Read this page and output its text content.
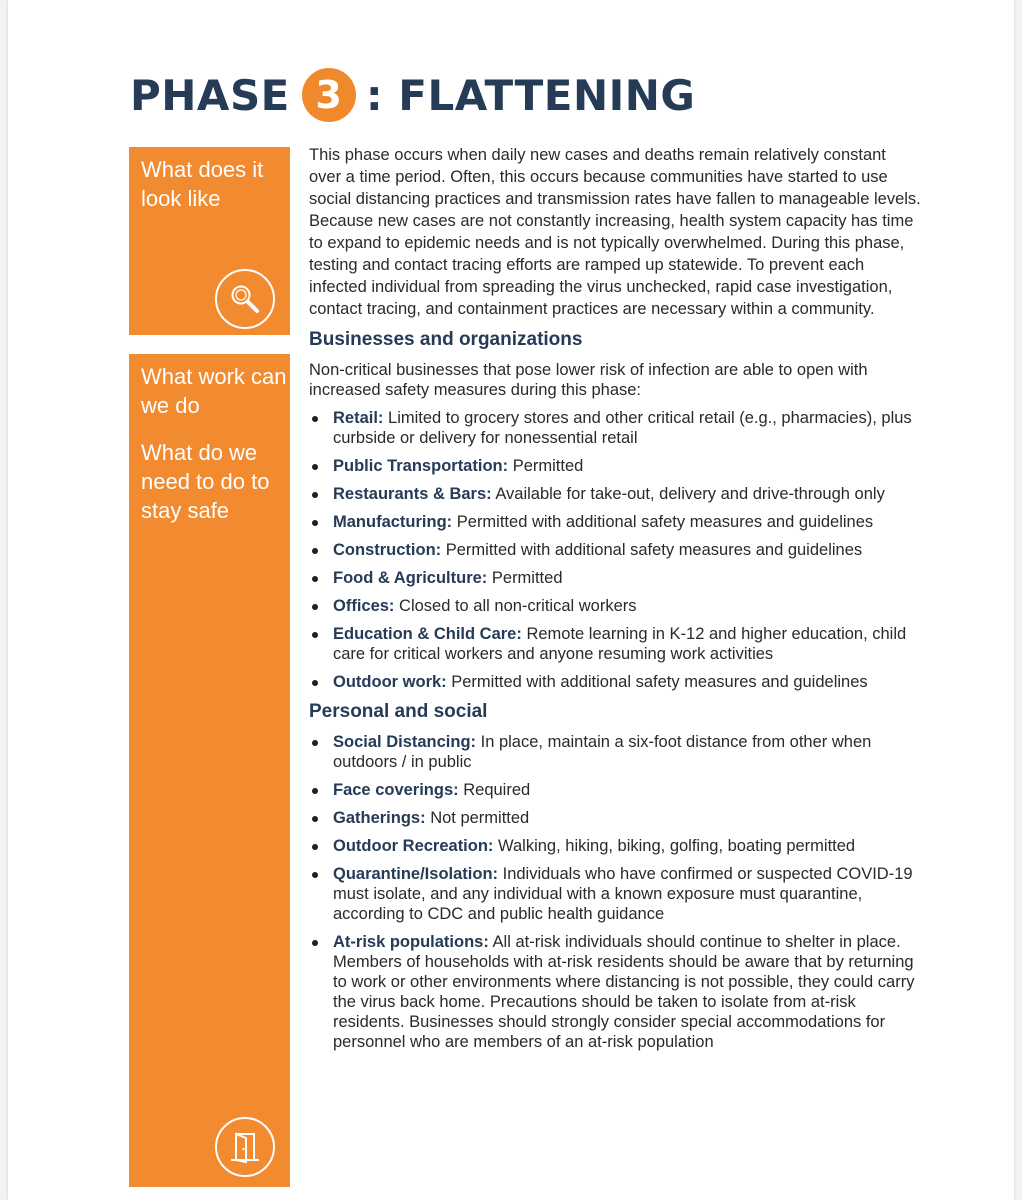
PHASE 3 : FLATTENING
What does it look like
What work can we do
What do we need to do to stay safe

This phase occurs when daily new cases and deaths remain relatively constant over a time period. Often, this occurs because communities have started to use social distancing practices and transmission rates have fallen to manageable levels. Because new cases are not constantly increasing, health system capacity has time to expand to epidemic needs and is not typically overwhelmed. During this phase, testing and contact tracing efforts are ramped up statewide. To prevent each infected individual from spreading the virus unchecked, rapid case investigation, contact tracing, and containment practices are necessary within a community.

Businesses and organizations

Non-critical businesses that pose lower risk of infection are able to open with increased safety measures during this phase:

Retail: Limited to grocery stores and other critical retail (e.g., pharmacies), plus curbside or delivery for nonessential retail
Public Transportation: Permitted
Restaurants & Bars: Available for take-out, delivery and drive-through only
Manufacturing: Permitted with additional safety measures and guidelines
Construction: Permitted with additional safety measures and guidelines
Food & Agriculture: Permitted
Offices: Closed to all non-critical workers
Education & Child Care: Remote learning in K-12 and higher education, child care for critical workers and anyone resuming work activities
Outdoor work: Permitted with additional safety measures and guidelines
Personal and social
Social Distancing: In place, maintain a six-foot distance from other when outdoors / in public
Face coverings: Required
Gatherings: Not permitted
Outdoor Recreation: Walking, hiking, biking, golfing, boating permitted
Quarantine/Isolation: Individuals who have confirmed or suspected COVID-19 must isolate, and any individual with a known exposure must quarantine, according to CDC and public health guidance
At-risk populations: All at-risk individuals should continue to shelter in place. Members of households with at-risk residents should be aware that by returning to work or other environments where distancing is not possible, they could carry the virus back home. Precautions should be taken to isolate from at-risk residents. Businesses should strongly consider special accommodations for personnel who are members of an at-risk population
